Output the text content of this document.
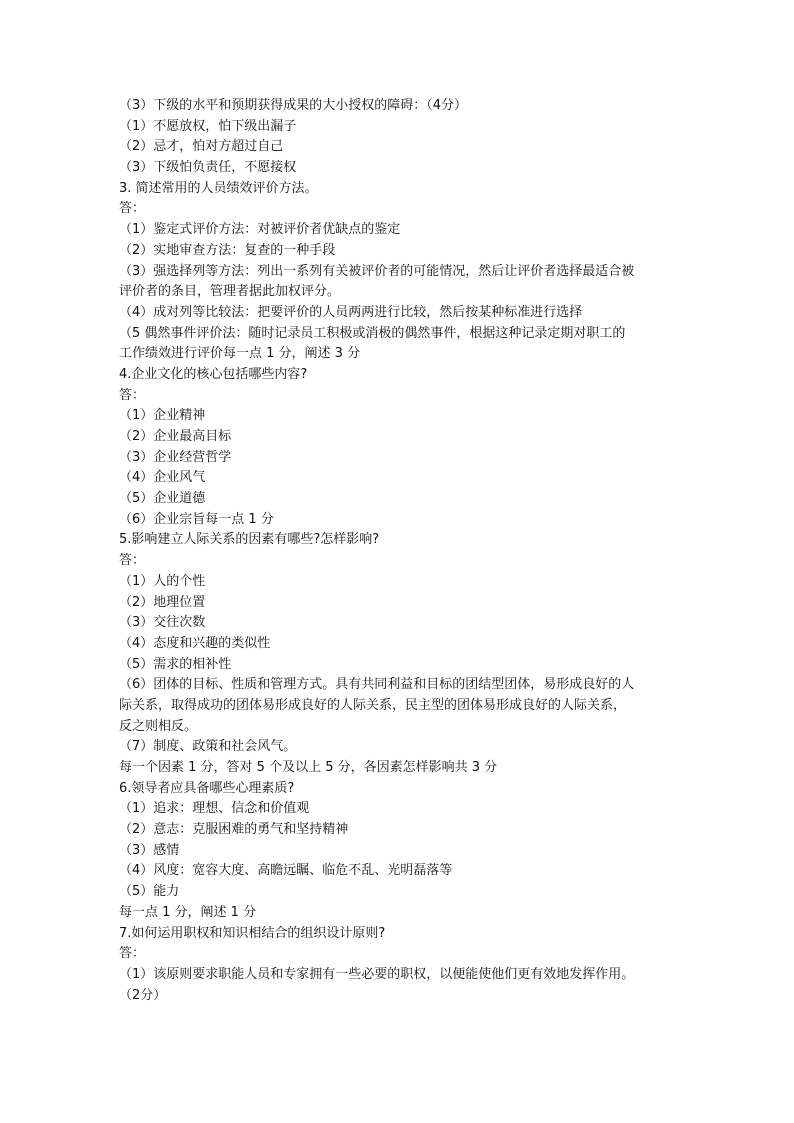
（3）下级的水平和预期获得成果的大小授权的障碍：（4分）
（1）不愿放权，怕下级出漏子
（2）忌才，怕对方超过自己
（3）下级怕负责任，不愿接权
3. 简述常用的人员绩效评价方法。
答：
（1）鉴定式评价方法：对被评价者优缺点的鉴定
（2）实地审查方法：复查的一种手段
（3）强选择列等方法：列出一系列有关被评价者的可能情况，然后让评价者选择最适合被
评价者的条目，管理者据此加权评分。
（4）成对列等比较法：把要评价的人员两两进行比较，然后按某种标准进行选择
（5 偶然事件评价法：随时记录员工积极或消极的偶然事件，根据这种记录定期对职工的
工作绩效进行评价每一点 1 分，阐述 3 分
4.企业文化的核心包括哪些内容?
答：
（1）企业精神
（2）企业最高目标
（3）企业经营哲学
（4）企业风气
（5）企业道德
（6）企业宗旨每一点 1 分
5.影响建立人际关系的因素有哪些?怎样影响?
答：
（1）人的个性
（2）地理位置
（3）交往次数
（4）态度和兴趣的类似性
（5）需求的相补性
（6）团体的目标、性质和管理方式。具有共同利益和目标的团结型团体，易形成良好的人
际关系，取得成功的团体易形成良好的人际关系，民主型的团体易形成良好的人际关系，
反之则相反。
（7）制度、政策和社会风气。
每一个因素 1 分，答对 5 个及以上 5 分，各因素怎样影响共 3 分
6.领导者应具备哪些心理素质?
（1）追求：理想、信念和价值观
（2）意志：克服困难的勇气和坚持精神
（3）感情
（4）风度：宽容大度、高瞻远瞩、临危不乱、光明磊落等
（5）能力
每一点 1 分，阐述 1 分
7.如何运用职权和知识相结合的组织设计原则?
答：
（1）该原则要求职能人员和专家拥有一些必要的职权，以便能使他们更有效地发挥作用。
（2分）
